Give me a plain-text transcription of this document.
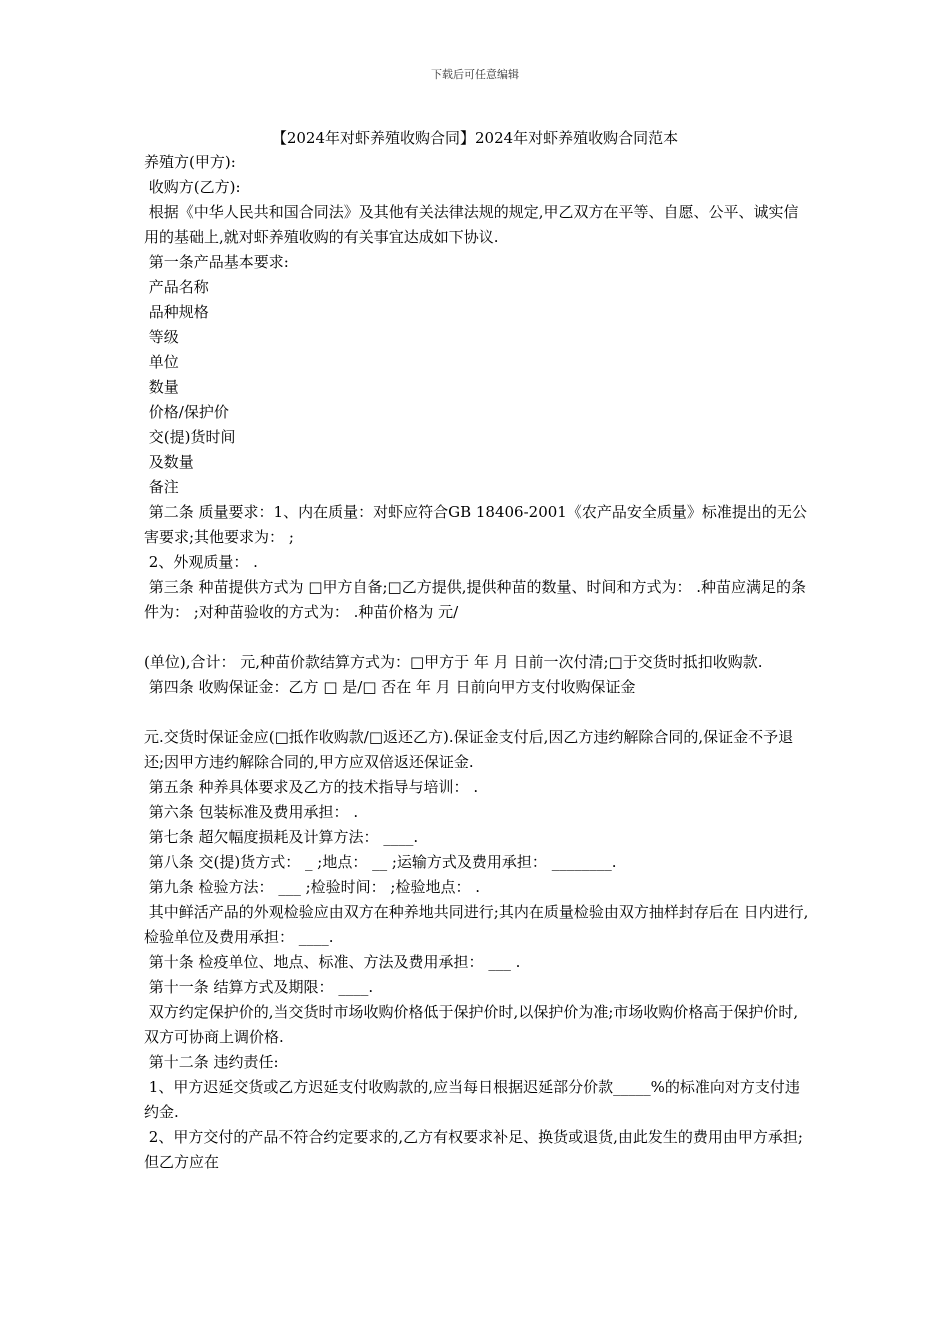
下载后可任意编辑
【2024年对虾养殖收购合同】2024年对虾养殖收购合同范本
养殖方(甲方):
收购方(乙方):
根据《中华人民共和国合同法》及其他有关法律法规的规定,甲乙双方在平等、自愿、公平、诚实信用的基础上,就对虾养殖收购的有关事宜达成如下协议.
第一条产品基本要求:
产品名称
品种规格
等级
单位
数量
价格/保护价
交(提)货时间
及数量
备注
第二条 质量要求：1、内在质量：对虾应符合GB 18406-2001《农产品安全质量》标准提出的无公害要求;其他要求为： ;
2、外观质量： .
第三条 种苗提供方式为 □甲方自备;□乙方提供,提供种苗的数量、时间和方式为： .种苗应满足的条件为： ;对种苗验收的方式为： .种苗价格为 元/
(单位),合计： 元,种苗价款结算方式为：□甲方于 年 月 日前一次付清;□于交货时抵扣收购款.
第四条 收购保证金：乙方 □ 是/□ 否在 年 月 日前向甲方支付收购保证金
元.交货时保证金应(□抵作收购款/□返还乙方).保证金支付后,因乙方违约解除合同的,保证金不予退还;因甲方违约解除合同的,甲方应双倍返还保证金.
第五条 种养具体要求及乙方的技术指导与培训： .
第六条 包装标准及费用承担： .
第七条 超欠幅度损耗及计算方法： ____.
第八条 交(提)货方式： _ ;地点： __ ;运输方式及费用承担： ________.
第九条 检验方法： ___ ;检验时间： ;检验地点： .
其中鲜活产品的外观检验应由双方在种养地共同进行;其内在质量检验由双方抽样封存后在 日内进行,检验单位及费用承担： ____.
第十条 检疫单位、地点、标准、方法及费用承担： ___ .
第十一条 结算方式及期限： ____.
双方约定保护价的,当交货时市场收购价格低于保护价时,以保护价为准;市场收购价格高于保护价时,双方可协商上调价格.
第十二条 违约责任:
1、甲方迟延交货或乙方迟延支付收购款的,应当每日根据迟延部分价款_____%的标准向对方支付违约金.
2、甲方交付的产品不符合约定要求的,乙方有权要求补足、换货或退货,由此发生的费用由甲方承担;但乙方应在
